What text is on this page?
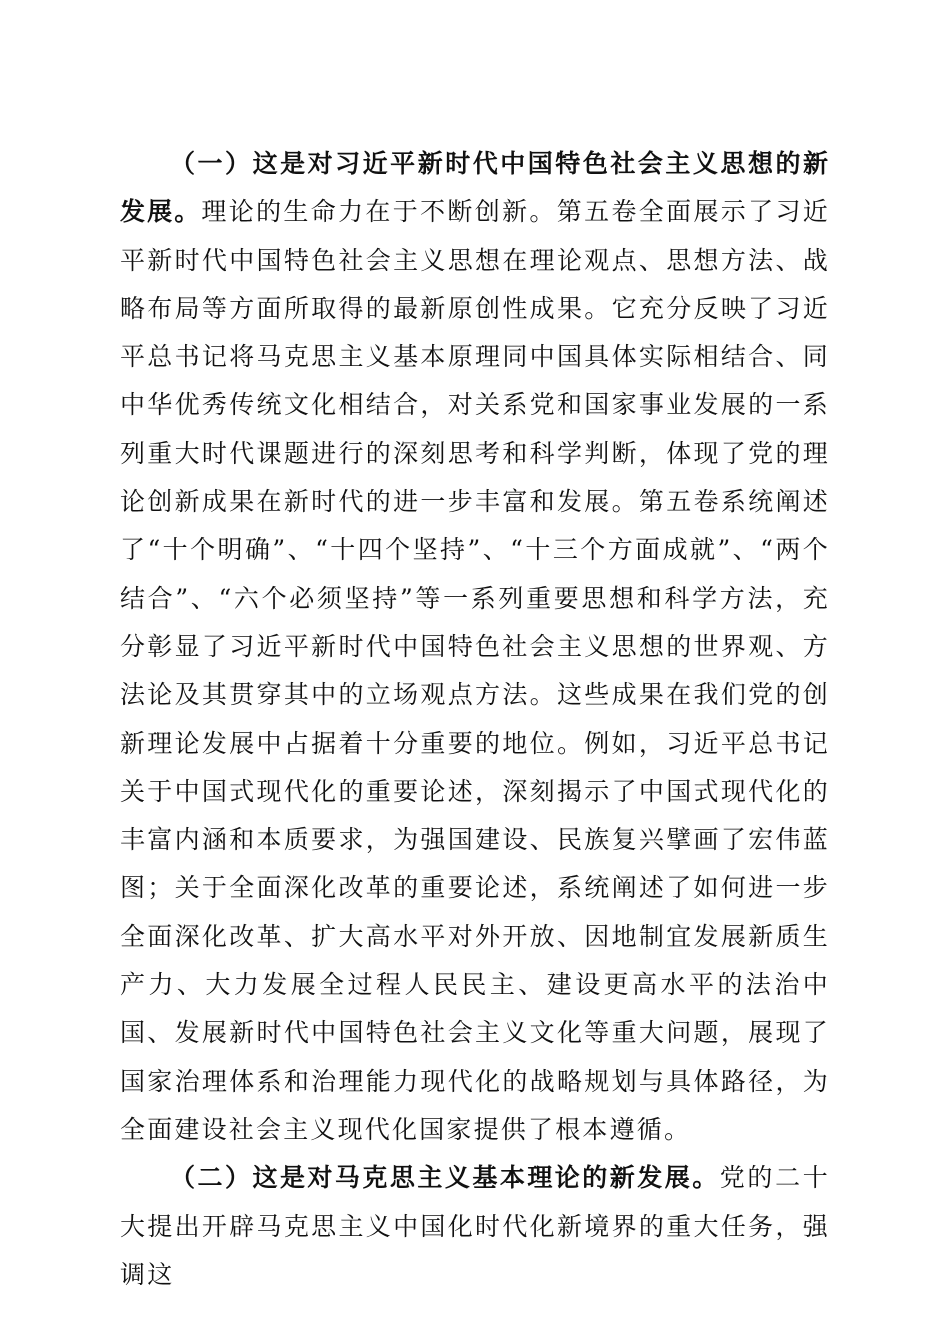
（一）这是对习近平新时代中国特色社会主义思想的新发展。理论的生命力在于不断创新。第五卷全面展示了习近平新时代中国特色社会主义思想在理论观点、思想方法、战略布局等方面所取得的最新原创性成果。它充分反映了习近平总书记将马克思主义基本原理同中国具体实际相结合、同中华优秀传统文化相结合，对关系党和国家事业发展的一系列重大时代课题进行的深刻思考和科学判断，体现了党的理论创新成果在新时代的进一步丰富和发展。第五卷系统阐述了“十个明确”、“十四个坚持”、“十三个方面成就”、“两个结合”、“六个必须坚持”等一系列重要思想和科学方法，充分彰显了习近平新时代中国特色社会主义思想的世界观、方法论及其贯穿其中的立场观点方法。这些成果在我们党的创新理论发展中占据着十分重要的地位。例如，习近平总书记关于中国式现代化的重要论述，深刻揭示了中国式现代化的丰富内涵和本质要求，为强国建设、民族复兴擘画了宏伟蓝图；关于全面深化改革的重要论述，系统阐述了如何进一步全面深化改革、扩大高水平对外开放、因地制宜发展新质生产力、大力发展全过程人民民主、建设更高水平的法治中国、发展新时代中国特色社会主义文化等重大问题，展现了国家治理体系和治理能力现代化的战略规划与具体路径，为全面建设社会主义现代化国家提供了根本遵循。

（二）这是对马克思主义基本理论的新发展。党的二十大提出开辟马克思主义中国化时代化新境界的重大任务，强调这
